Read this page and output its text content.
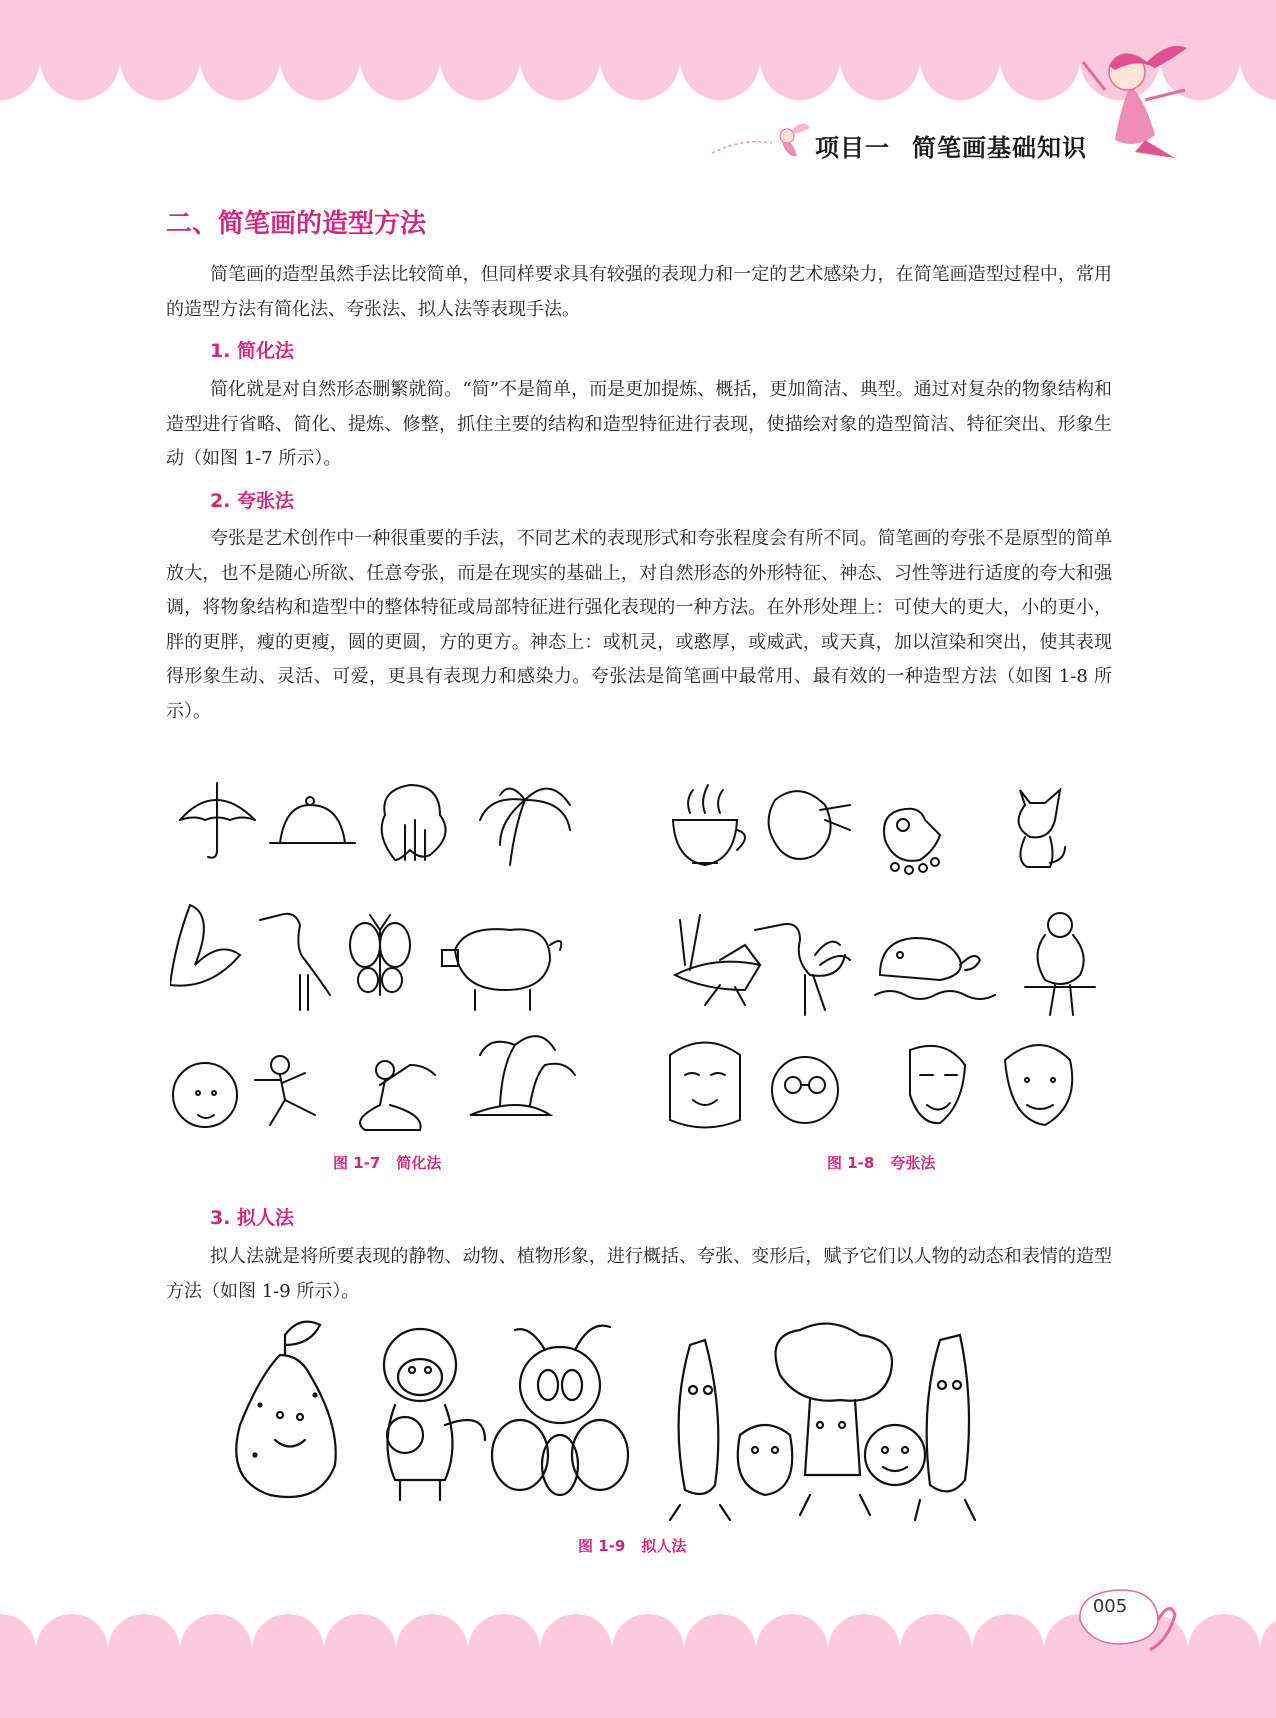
项目一 简笔画基础知识
二、简笔画的造型方法

简笔画的造型虽然手法比较简单，但同样要求具有较强的表现力和一定的艺术感染力，在简笔画造型过程中，常用的造型方法有简化法、夸张法、拟人法等表现手法。

1. 简化法

简化就是对自然形态删繁就简。“简”不是简单，而是更加提炼、概括，更加简洁、典型。通过对复杂的物象结构和造型进行省略、简化、提炼、修整，抓住主要的结构和造型特征进行表现，使描绘对象的造型简洁、特征突出、形象生动（如图 1-7 所示）。

2. 夸张法

夸张是艺术创作中一种很重要的手法，不同艺术的表现形式和夸张程度会有所不同。简笔画的夸张不是原型的简单放大，也不是随心所欲、任意夸张，而是在现实的基础上，对自然形态的外形特征、神态、习性等进行适度的夸大和强调，将物象结构和造型中的整体特征或局部特征进行强化表现的一种方法。在外形处理上：可使大的更大，小的更小，胖的更胖，瘦的更瘦，圆的更圆，方的更方。神态上：或机灵，或憨厚，或威武，或天真，加以渲染和突出，使其表现得形象生动、灵活、可爱，更具有表现力和感染力。夸张法是简笔画中最常用、最有效的一种造型方法（如图 1-8 所示）。

图 1-7 简化法	图 1-8 夸张法
3. 拟人法

拟人法就是将所要表现的静物、动物、植物形象，进行概括、夸张、变形后，赋予它们以人物的动态和表情的造型方法（如图 1-9 所示）。

图 1-9 拟人法
005
